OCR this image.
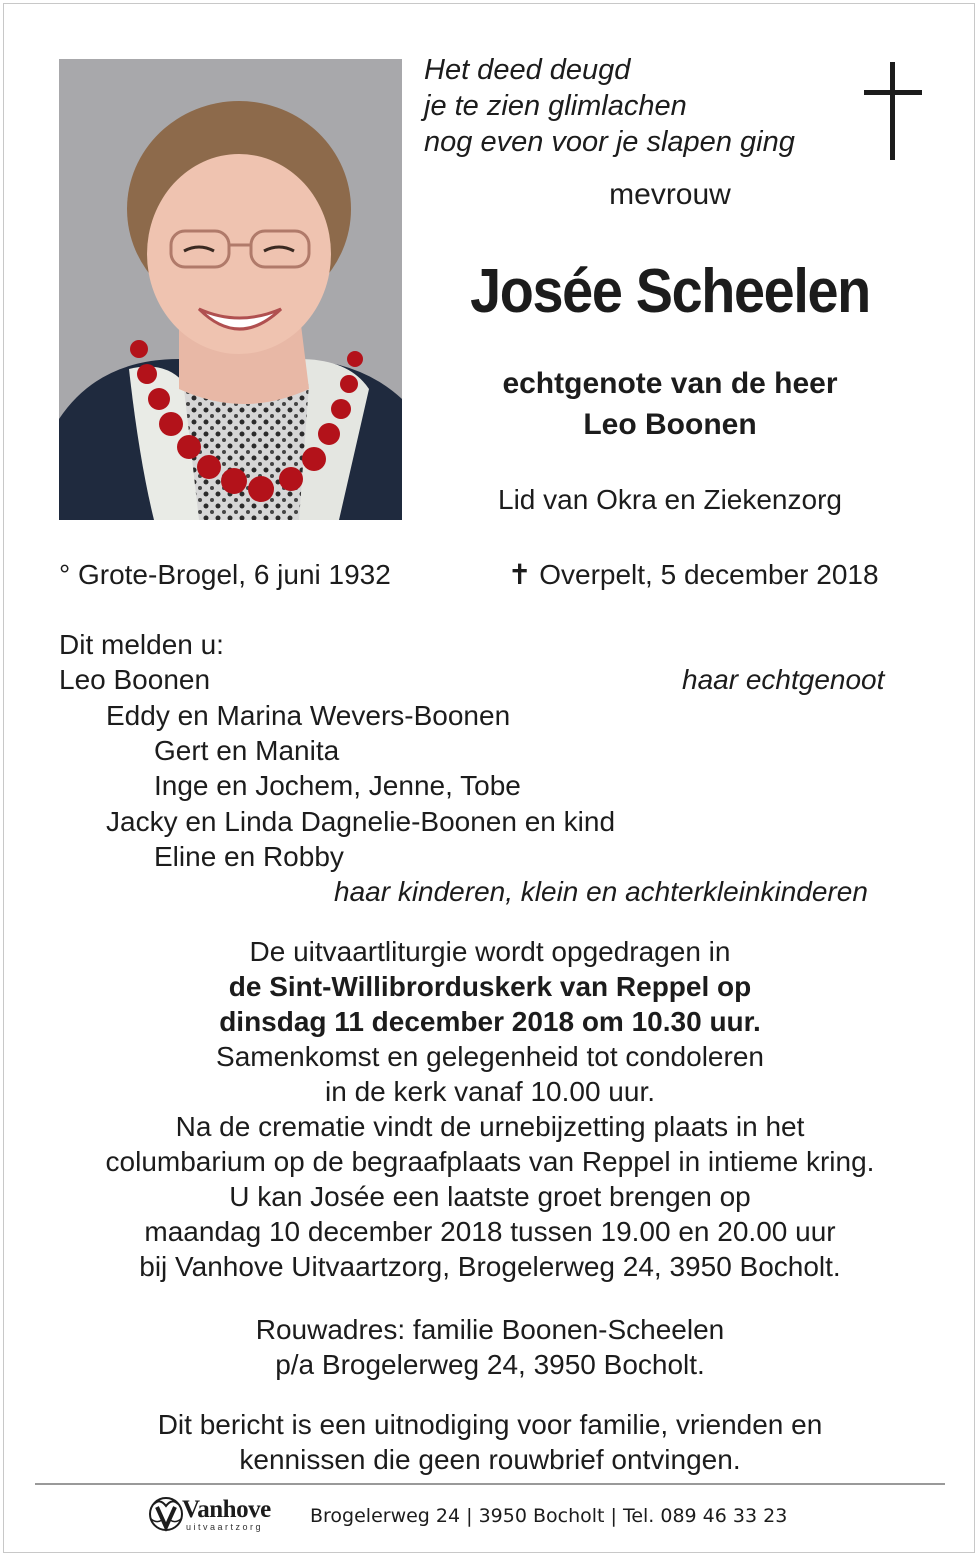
Het deed deugd
je te zien glimlachen
nog even voor je slapen ging
mevrouw
Josée Scheelen
echtgenote van de heer
Leo Boonen
Lid van Okra en Ziekenzorg
° Grote-Brogel, 6 juni 1932	✝ Overpelt, 5 december 2018
Dit melden u:
Leo Boonen	haar echtgenoot
Eddy en Marina Wevers-Boonen
Gert en Manita
Inge en Jochem, Jenne, Tobe
Jacky en Linda Dagnelie-Boonen en kind
Eline en Robby
haar kinderen, klein en achterkleinkinderen
De uitvaartliturgie wordt opgedragen in
de Sint-Willibrorduskerk van Reppel op
dinsdag 11 december 2018 om 10.30 uur.
Samenkomst en gelegenheid tot condoleren
in de kerk vanaf 10.00 uur.
Na de crematie vindt de urnebijzetting plaats in het
columbarium op de begraafplaats van Reppel in intieme kring.
U kan Josée een laatste groet brengen op
maandag 10 december 2018 tussen 19.00 en 20.00 uur
bij Vanhove Uitvaartzorg, Brogelerweg 24, 3950 Bocholt.
Rouwadres: familie Boonen-Scheelen
p/a Brogelerweg 24, 3950 Bocholt.
Dit bericht is een uitnodiging voor familie, vrienden en
kennissen die geen rouwbrief ontvingen.
Vanhove
uitvaartzorg Brogelerweg 24 | 3950 Bocholt | Tel. 089 46 33 23
